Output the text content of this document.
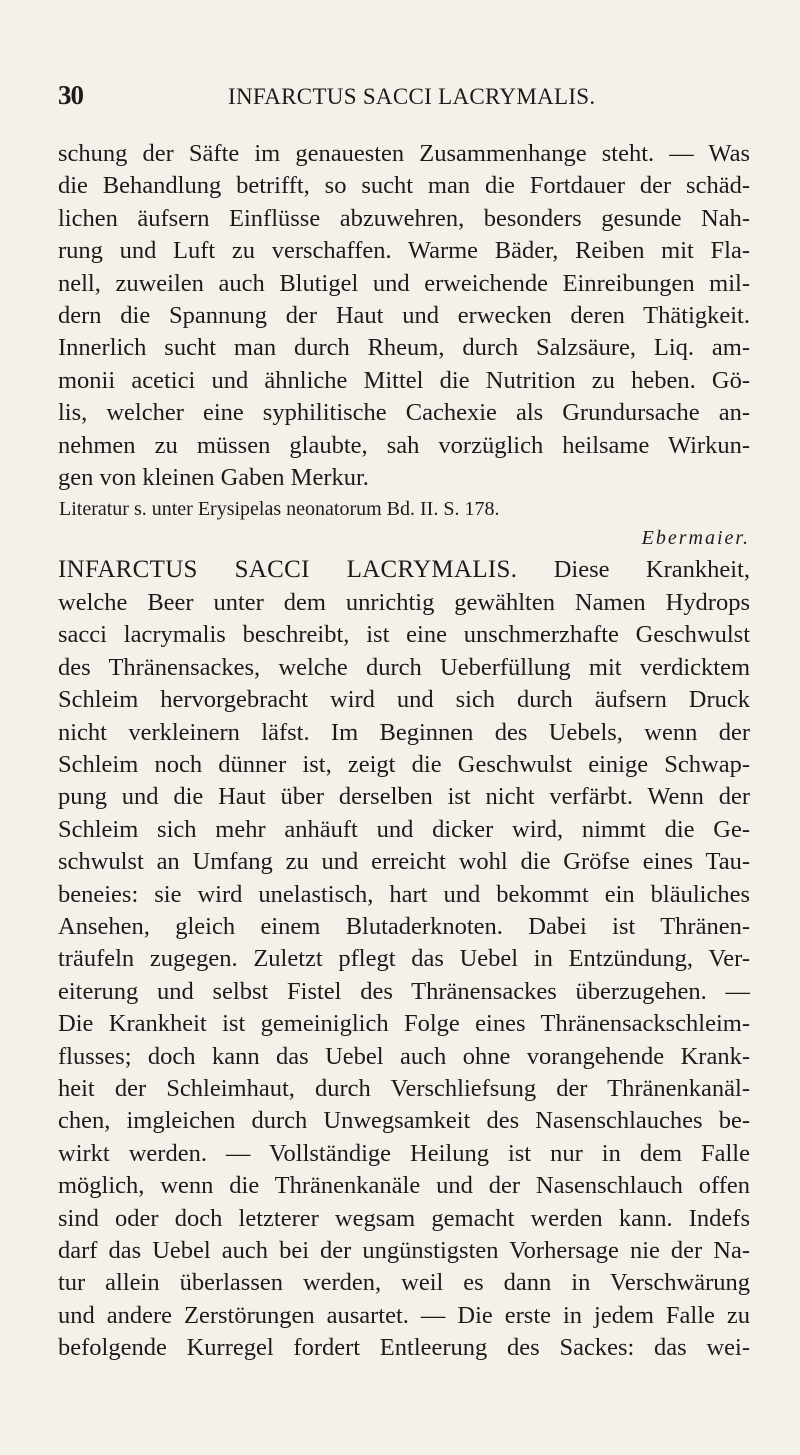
30	INFARCTUS SACCI LACRYMALIS.
schung der Säfte im genauesten Zusammenhange steht. — Was
die Behandlung betrifft, so sucht man die Fortdauer der schäd-
lichen äufsern Einflüsse abzuwehren, besonders gesunde Nah-
rung und Luft zu verschaffen. Warme Bäder, Reiben mit Fla-
nell, zuweilen auch Blutigel und erweichende Einreibungen mil-
dern die Spannung der Haut und erwecken deren Thätigkeit.
Innerlich sucht man durch Rheum, durch Salzsäure, Liq. am-
monii acetici und ähnliche Mittel die Nutrition zu heben. Gö-
lis, welcher eine syphilitische Cachexie als Grundursache an-
nehmen zu müssen glaubte, sah vorzüglich heilsame Wirkun-
gen von kleinen Gaben Merkur.
Literatur s. unter Erysipelas neonatorum Bd. II. S. 178.
Ebermaier.
INFARCTUS SACCI LACRYMALIS. Diese Krankheit,
welche Beer unter dem unrichtig gewählten Namen Hydrops
sacci lacrymalis beschreibt, ist eine unschmerzhafte Geschwulst
des Thränensackes, welche durch Ueberfüllung mit verdicktem
Schleim hervorgebracht wird und sich durch äufsern Druck
nicht verkleinern läfst. Im Beginnen des Uebels, wenn der
Schleim noch dünner ist, zeigt die Geschwulst einige Schwap-
pung und die Haut über derselben ist nicht verfärbt. Wenn der
Schleim sich mehr anhäuft und dicker wird, nimmt die Ge-
schwulst an Umfang zu und erreicht wohl die Gröfse eines Tau-
beneies: sie wird unelastisch, hart und bekommt ein bläuliches
Ansehen, gleich einem Blutaderknoten. Dabei ist Thränen-
träufeln zugegen. Zuletzt pflegt das Uebel in Entzündung, Ver-
eiterung und selbst Fistel des Thränensackes überzugehen. —
Die Krankheit ist gemeiniglich Folge eines Thränensackschleim-
flusses; doch kann das Uebel auch ohne vorangehende Krank-
heit der Schleimhaut, durch Verschliefsung der Thränenkanäl-
chen, imgleichen durch Unwegsamkeit des Nasenschlauches be-
wirkt werden. — Vollständige Heilung ist nur in dem Falle
möglich, wenn die Thränenkanäle und der Nasenschlauch offen
sind oder doch letzterer wegsam gemacht werden kann. Indefs
darf das Uebel auch bei der ungünstigsten Vorhersage nie der Na-
tur allein überlassen werden, weil es dann in Verschwärung
und andere Zerstörungen ausartet. — Die erste in jedem Falle zu
befolgende Kurregel fordert Entleerung des Sackes: das wei-
